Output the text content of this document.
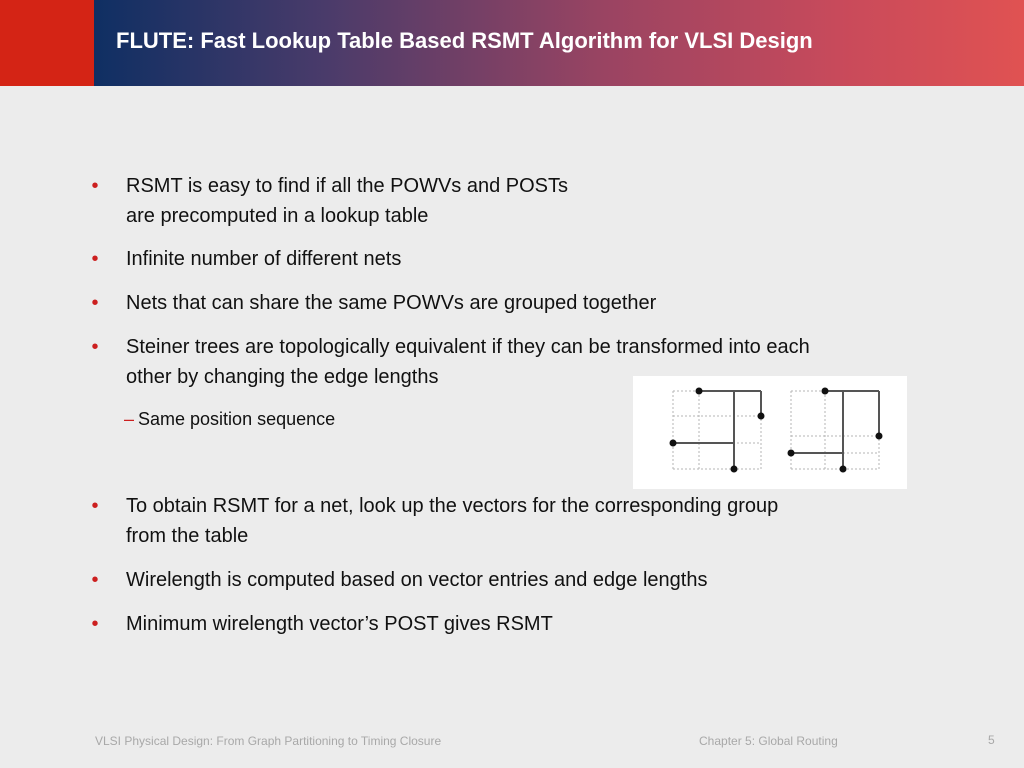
FLUTE: Fast Lookup Table Based RSMT Algorithm for VLSI Design
• RSMT is easy to find if all the POWVs and POSTs
are precomputed in a lookup table
• Infinite number of different nets
• Nets that can share the same POWVs are grouped together
• Steiner trees are topologically equivalent if they can be transformed into each
other by changing the edge lengths
• To obtain RSMT for a net, look up the vectors for the corresponding group
from the table
• Wirelength is computed based on vector entries and edge lengths
• Minimum wirelength vector’s POST gives RSMT
– Same position sequence
VLSI Physical Design: From Graph Partitioning to Timing Closure	Chapter 5: Global Routing	5
